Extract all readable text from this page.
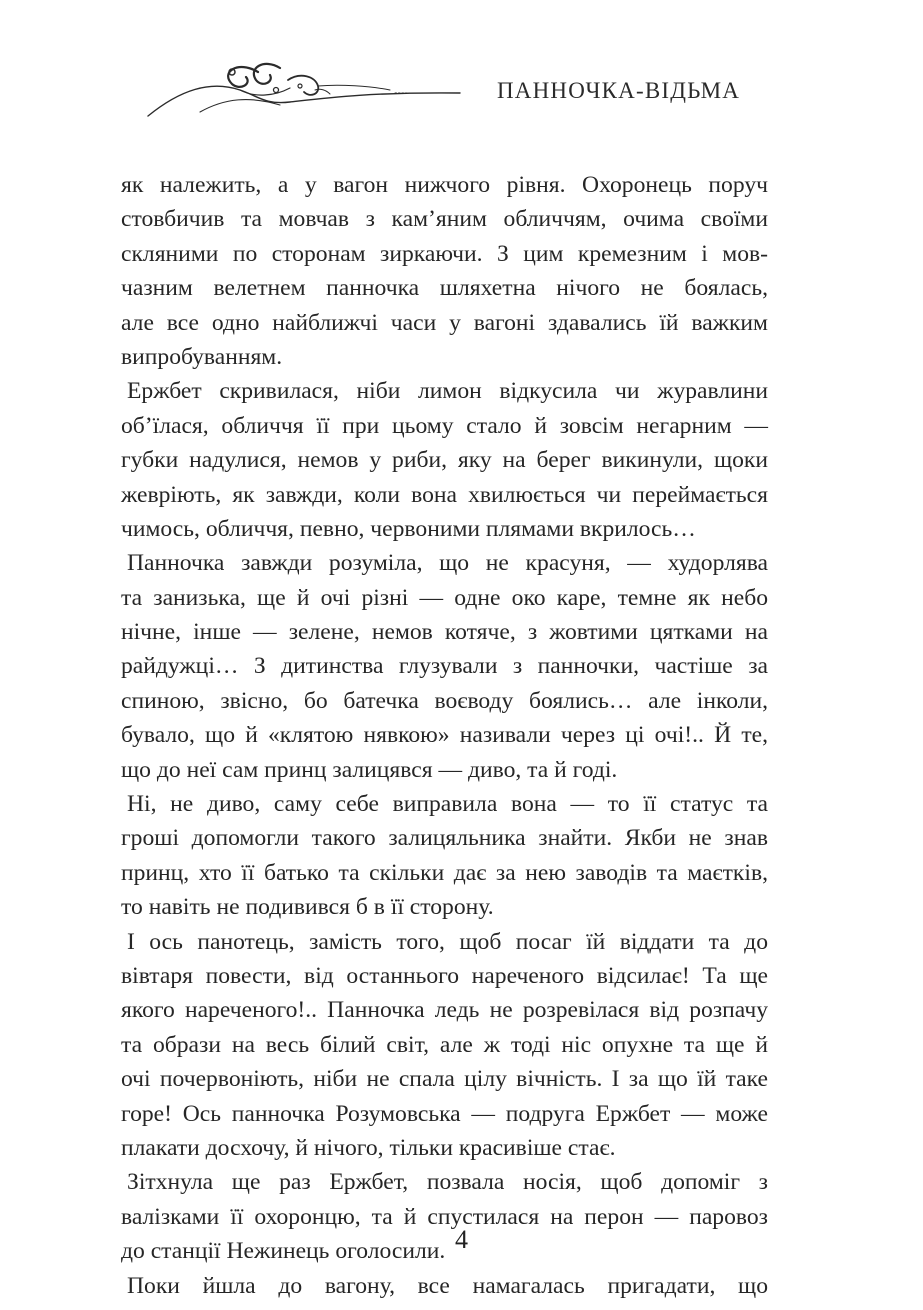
ПАННОЧКА-ВІДЬМА
як належить, а у вагон нижчого рівня. Охоронець поруч
стовбичив та мовчав з кам’яним обличчям, очима своїми
скляними по сторонам зиркаючи. З цим кремезним і мов-
чазним велетнем панночка шляхетна нічого не боялась,
але все одно найближчі часи у вагоні здавались їй важким
випробуванням.
Ержбет скривилася, ніби лимон відкусила чи журавлини
об’їлася, обличчя її при цьому стало й зовсім негарним —
губки надулися, немов у риби, яку на берег викинули, щоки
жевріють, як завжди, коли вона хвилюється чи переймається
чимось, обличчя, певно, червоними плямами вкрилось…
Панночка завжди розуміла, що не красуня, — худорлява
та занизька, ще й очі різні — одне око каре, темне як небо
нічне, інше — зелене, немов котяче, з жовтими цятками на
райдужці… З дитинства глузували з панночки, частіше за
спиною, звісно, бо батечка воєводу боялись… але інколи,
бувало, що й «клятою нявкою» називали через ці очі!.. Й те,
що до неї сам принц залицявся — диво, та й годі.
Ні, не диво, саму себе виправила вона — то її статус та
гроші допомогли такого залицяльника знайти. Якби не знав
принц, хто її батько та скільки дає за нею заводів та маєтків,
то навіть не подивився б в її сторону.
І ось панотець, замість того, щоб посаг їй віддати та до
вівтаря повести, від останнього нареченого відсилає! Та ще
якого нареченого!.. Панночка ледь не розревілася від розпачу
та образи на весь білий світ, але ж тоді ніс опухне та ще й
очі почервоніють, ніби не спала цілу вічність. І за що їй таке
горе! Ось панночка Розумовська — подруга Ержбет — може
плакати досхочу, й нічого, тільки красивіше стає.
Зітхнула ще раз Ержбет, позвала носія, щоб допоміг з
валізками її охоронцю, та й спустилася на перон — паровоз
до станції Нежинець оголосили.
Поки йшла до вагону, все намагалась пригадати, що
4
